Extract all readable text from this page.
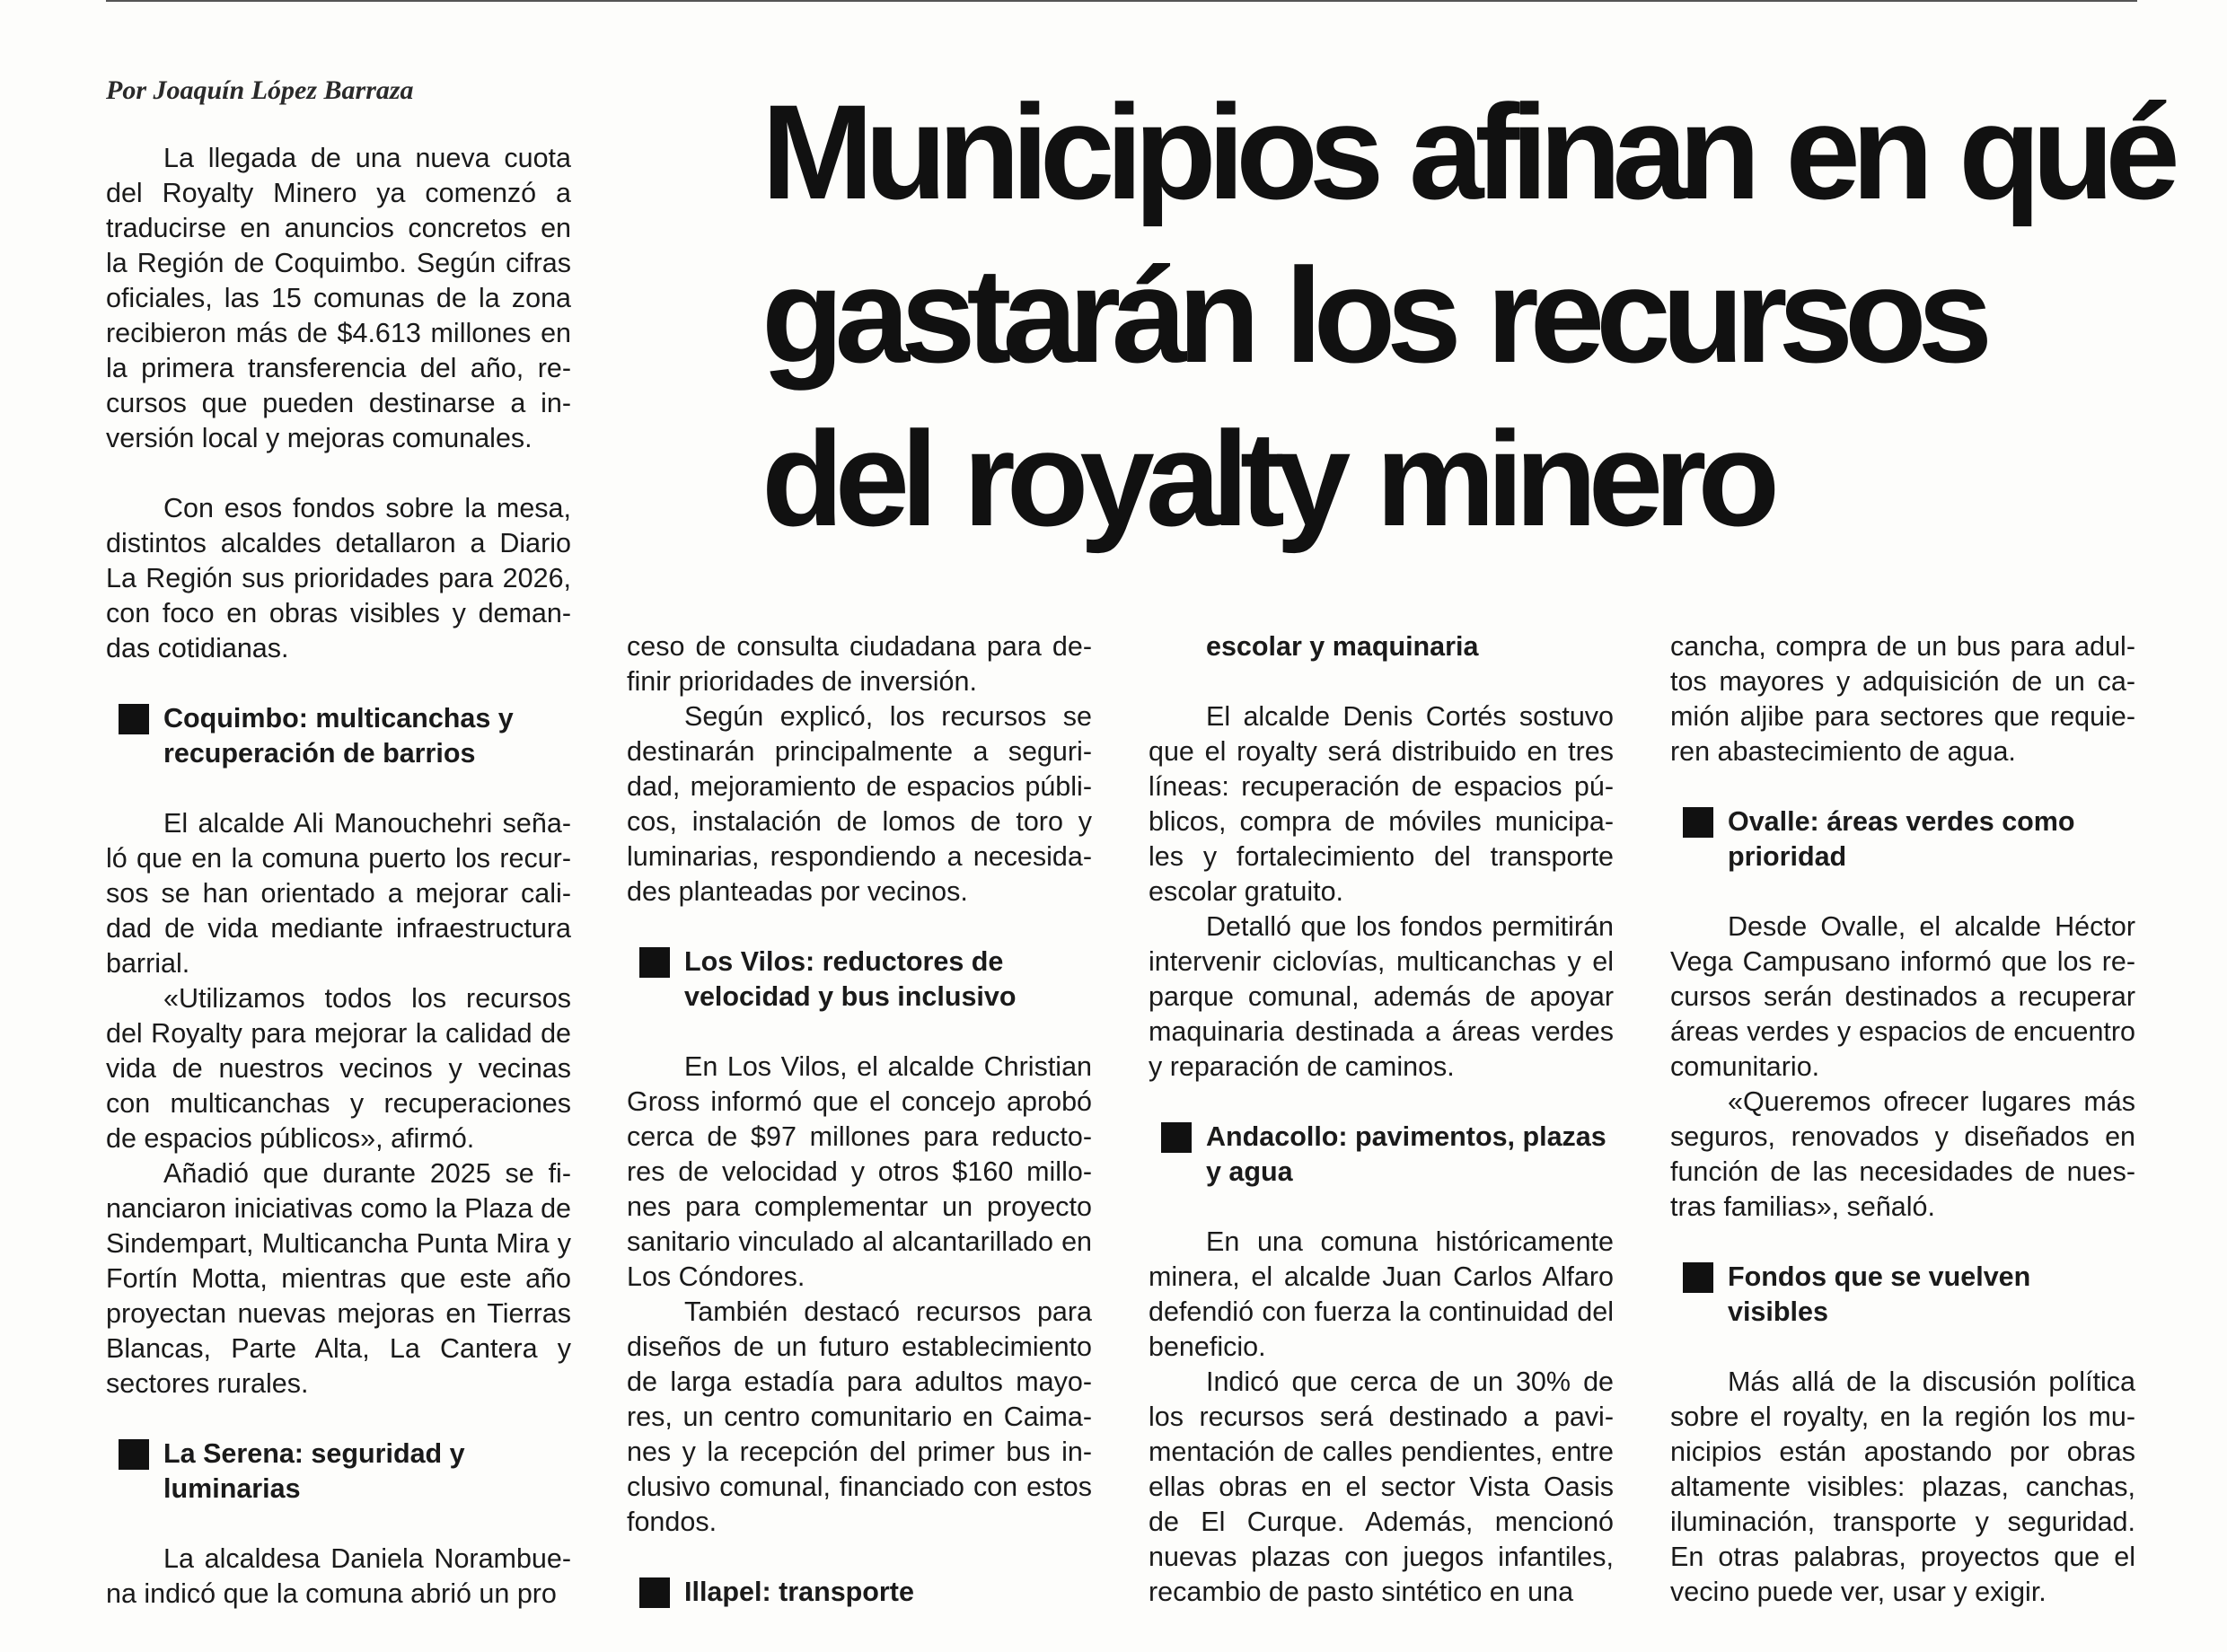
Por Joaquín López Barraza	Municipios afinan en qué
gastarán los recursos
del royalty minero

La llegada de una nueva cuota del Royalty Minero ya comenzó a traducirse en anuncios concretos en la Región de Coquimbo. Según cifras oficiales, las 15 comunas de la zona recibieron más de $4.613 millones en la primera transferencia del año, recursos que pueden destinarse a inversión local y mejoras comunales.

Con esos fondos sobre la mesa, distintos alcaldes detallaron a Diario La Región sus prioridades para 2026, con foco en obras visibles y demandas cotidianas.

Coquimbo: multicanchas y recuperación de barrios

El alcalde Ali Manouchehri señaló que en la comuna puerto los recursos se han orientado a mejorar calidad de vida mediante infraestructura barrial.

«Utilizamos todos los recursos del Royalty para mejorar la calidad de vida de nuestros vecinos y vecinas con multicanchas y recuperaciones de espacios públicos», afirmó.

Añadió que durante 2025 se financiaron iniciativas como la Plaza de Sindempart, Multicancha Punta Mira y Fortín Motta, mientras que este año proyectan nuevas mejoras en Tierras Blancas, Parte Alta, La Cantera y sectores rurales.

La Serena: seguridad y luminarias

La alcaldesa Daniela Norambuena indicó que la comuna abrió un pro

ceso de consulta ciudadana para definir prioridades de inversión.

Según explicó, los recursos se destinarán principalmente a seguridad, mejoramiento de espacios públicos, instalación de lomos de toro y luminarias, respondiendo a necesidades planteadas por vecinos.

Los Vilos: reductores de velocidad y bus inclusivo

En Los Vilos, el alcalde Christian Gross informó que el concejo aprobó cerca de $97 millones para reductores de velocidad y otros $160 millones para complementar un proyecto sanitario vinculado al alcantarillado en Los Cóndores.

También destacó recursos para diseños de un futuro establecimiento de larga estadía para adultos mayores, un centro comunitario en Caimanes y la recepción del primer bus inclusivo comunal, financiado con estos fondos.

Illapel: transporte
escolar y maquinaria

El alcalde Denis Cortés sostuvo que el royalty será distribuido en tres líneas: recuperación de espacios públicos, compra de móviles municipales y fortalecimiento del transporte escolar gratuito.

Detalló que los fondos permitirán intervenir ciclovías, multicanchas y el parque comunal, además de apoyar maquinaria destinada a áreas verdes y reparación de caminos.

Andacollo: pavimentos, plazas y agua

En una comuna históricamente minera, el alcalde Juan Carlos Alfaro defendió con fuerza la continuidad del beneficio.

Indicó que cerca de un 30% de los recursos será destinado a pavimentación de calles pendientes, entre ellas obras en el sector Vista Oasis de El Curque. Además, mencionó nuevas plazas con juegos infantiles, recambio de pasto sintético en una

cancha, compra de un bus para adultos mayores y adquisición de un camión aljibe para sectores que requieren abastecimiento de agua.

Ovalle: áreas verdes como prioridad

Desde Ovalle, el alcalde Héctor Vega Campusano informó que los recursos serán destinados a recuperar áreas verdes y espacios de encuentro comunitario.

«Queremos ofrecer lugares más seguros, renovados y diseñados en función de las necesidades de nuestras familias», señaló.

Fondos que se vuelven visibles

Más allá de la discusión política sobre el royalty, en la región los municipios están apostando por obras altamente visibles: plazas, canchas, iluminación, transporte y seguridad. En otras palabras, proyectos que el vecino puede ver, usar y exigir.
